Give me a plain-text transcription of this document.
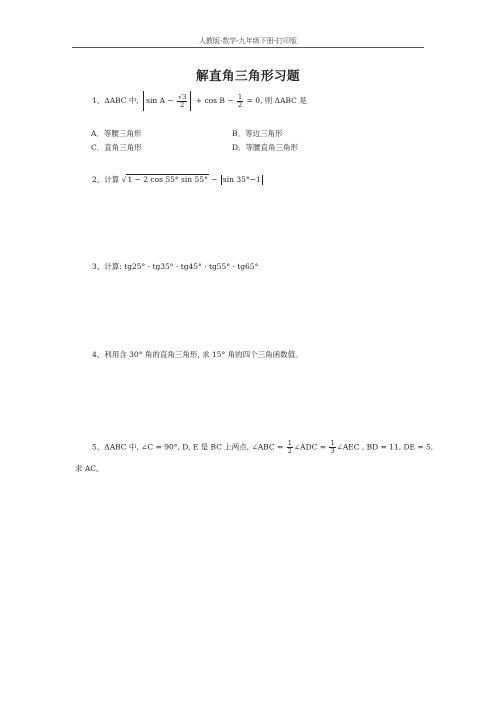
人教版-数学-九年级下册-打印版
解直角三角形习题
1、ΔABC 中, $\sin A - \frac{√3}{2} + \cos B - \frac{1}{2} = 0$, 则 ΔABC 是
A．等腰三角形	B．等边三角形
C．直角三角形	D．等腰直角三角形
2、计算 √1 − 2 cos 55° sin 55° − sin 35°−1
3、计算: tg25° · tg35° · tg45° · tg55° · tg65°
4、利用含 30° 角的直角三角形, 求 15° 角的四个三角函数值。
5、ΔABC 中, ∠C = 90°, D, E 是 BC 上两点, ∠ABC = $\frac{1}{2}$ ∠ADC = $\frac{1}{3}$ ∠AEC , BD = 11, DE = 5,
求 AC。
